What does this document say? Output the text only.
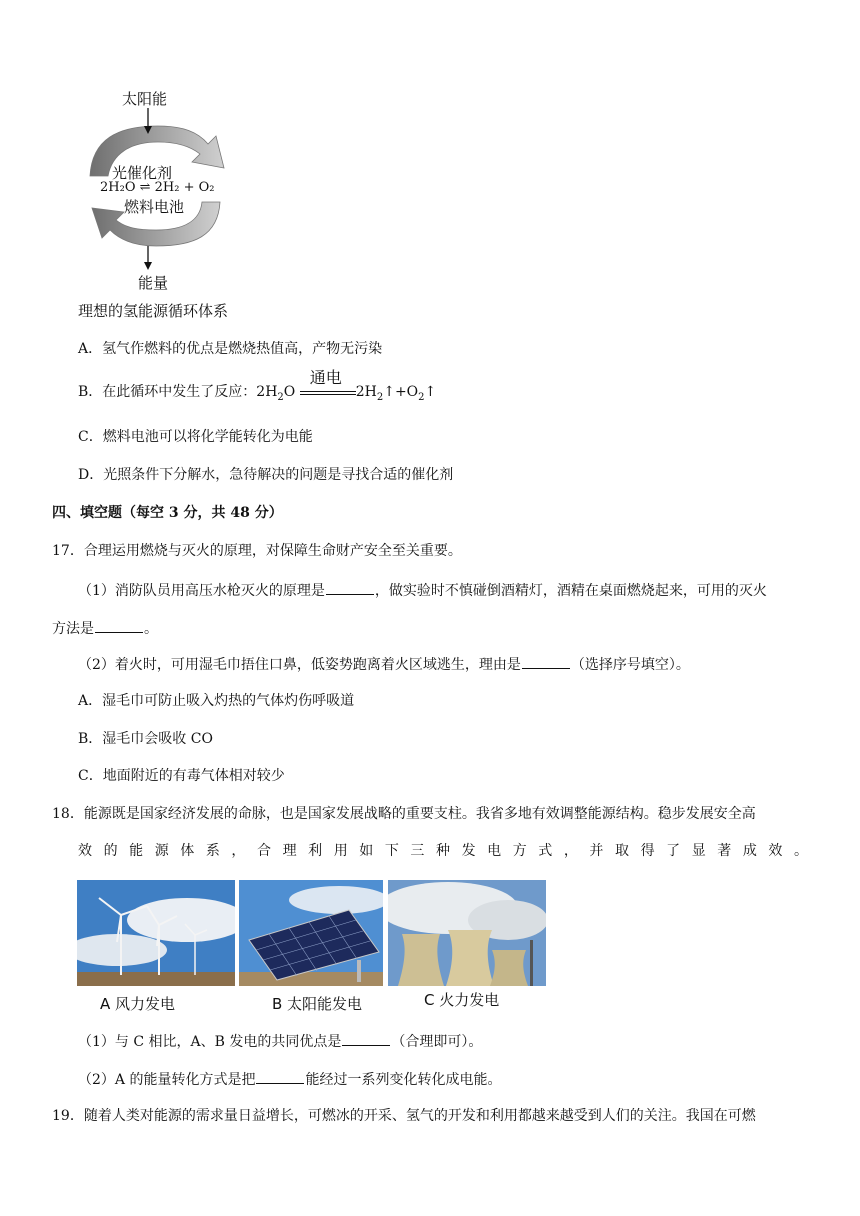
太阳能
光催化剂
2H₂O ⇌ 2H₂ + O₂
燃料电池
能量
理想的氢能源循环体系
A．氢气作燃料的优点是燃烧热值高，产物无污染
B．在此循环中发生了反应：$2H_2O$
通电
$2H_2↑+O_2↑$
C．燃料电池可以将化学能转化为电能
D．光照条件下分解水，急待解决的问题是寻找合适的催化剂
四、填空题（每空 3 分，共 48 分）
17．合理运用燃烧与灭火的原理，对保障生命财产安全至关重要。
（1）消防队员用高压水枪灭火的原理是	，做实验时不慎碰倒酒精灯，酒精在桌面燃烧起来，可用的灭火
方法是	。
（2）着火时，可用湿毛巾捂住口鼻，低姿势跑离着火区域逃生，理由是	（选择序号填空）。
A．湿毛巾可防止吸入灼热的气体灼伤呼吸道
B．湿毛巾会吸收 CO
C．地面附近的有毒气体相对较少
18．能源既是国家经济发展的命脉，也是国家发展战略的重要支柱。我省多地有效调整能源结构。稳步发展安全高
效的能源体系，合理利用如下三种发电方式，并取得了显著成效。
A 风力发电	B 太阳能发电	C 火力发电
（1）与 C 相比，A、B 发电的共同优点是	（合理即可）。
（2）A 的能量转化方式是把	能经过一系列变化转化成电能。
19．随着人类对能源的需求量日益增长，可燃冰的开采、氢气的开发和利用都越来越受到人们的关注。我国在可燃
